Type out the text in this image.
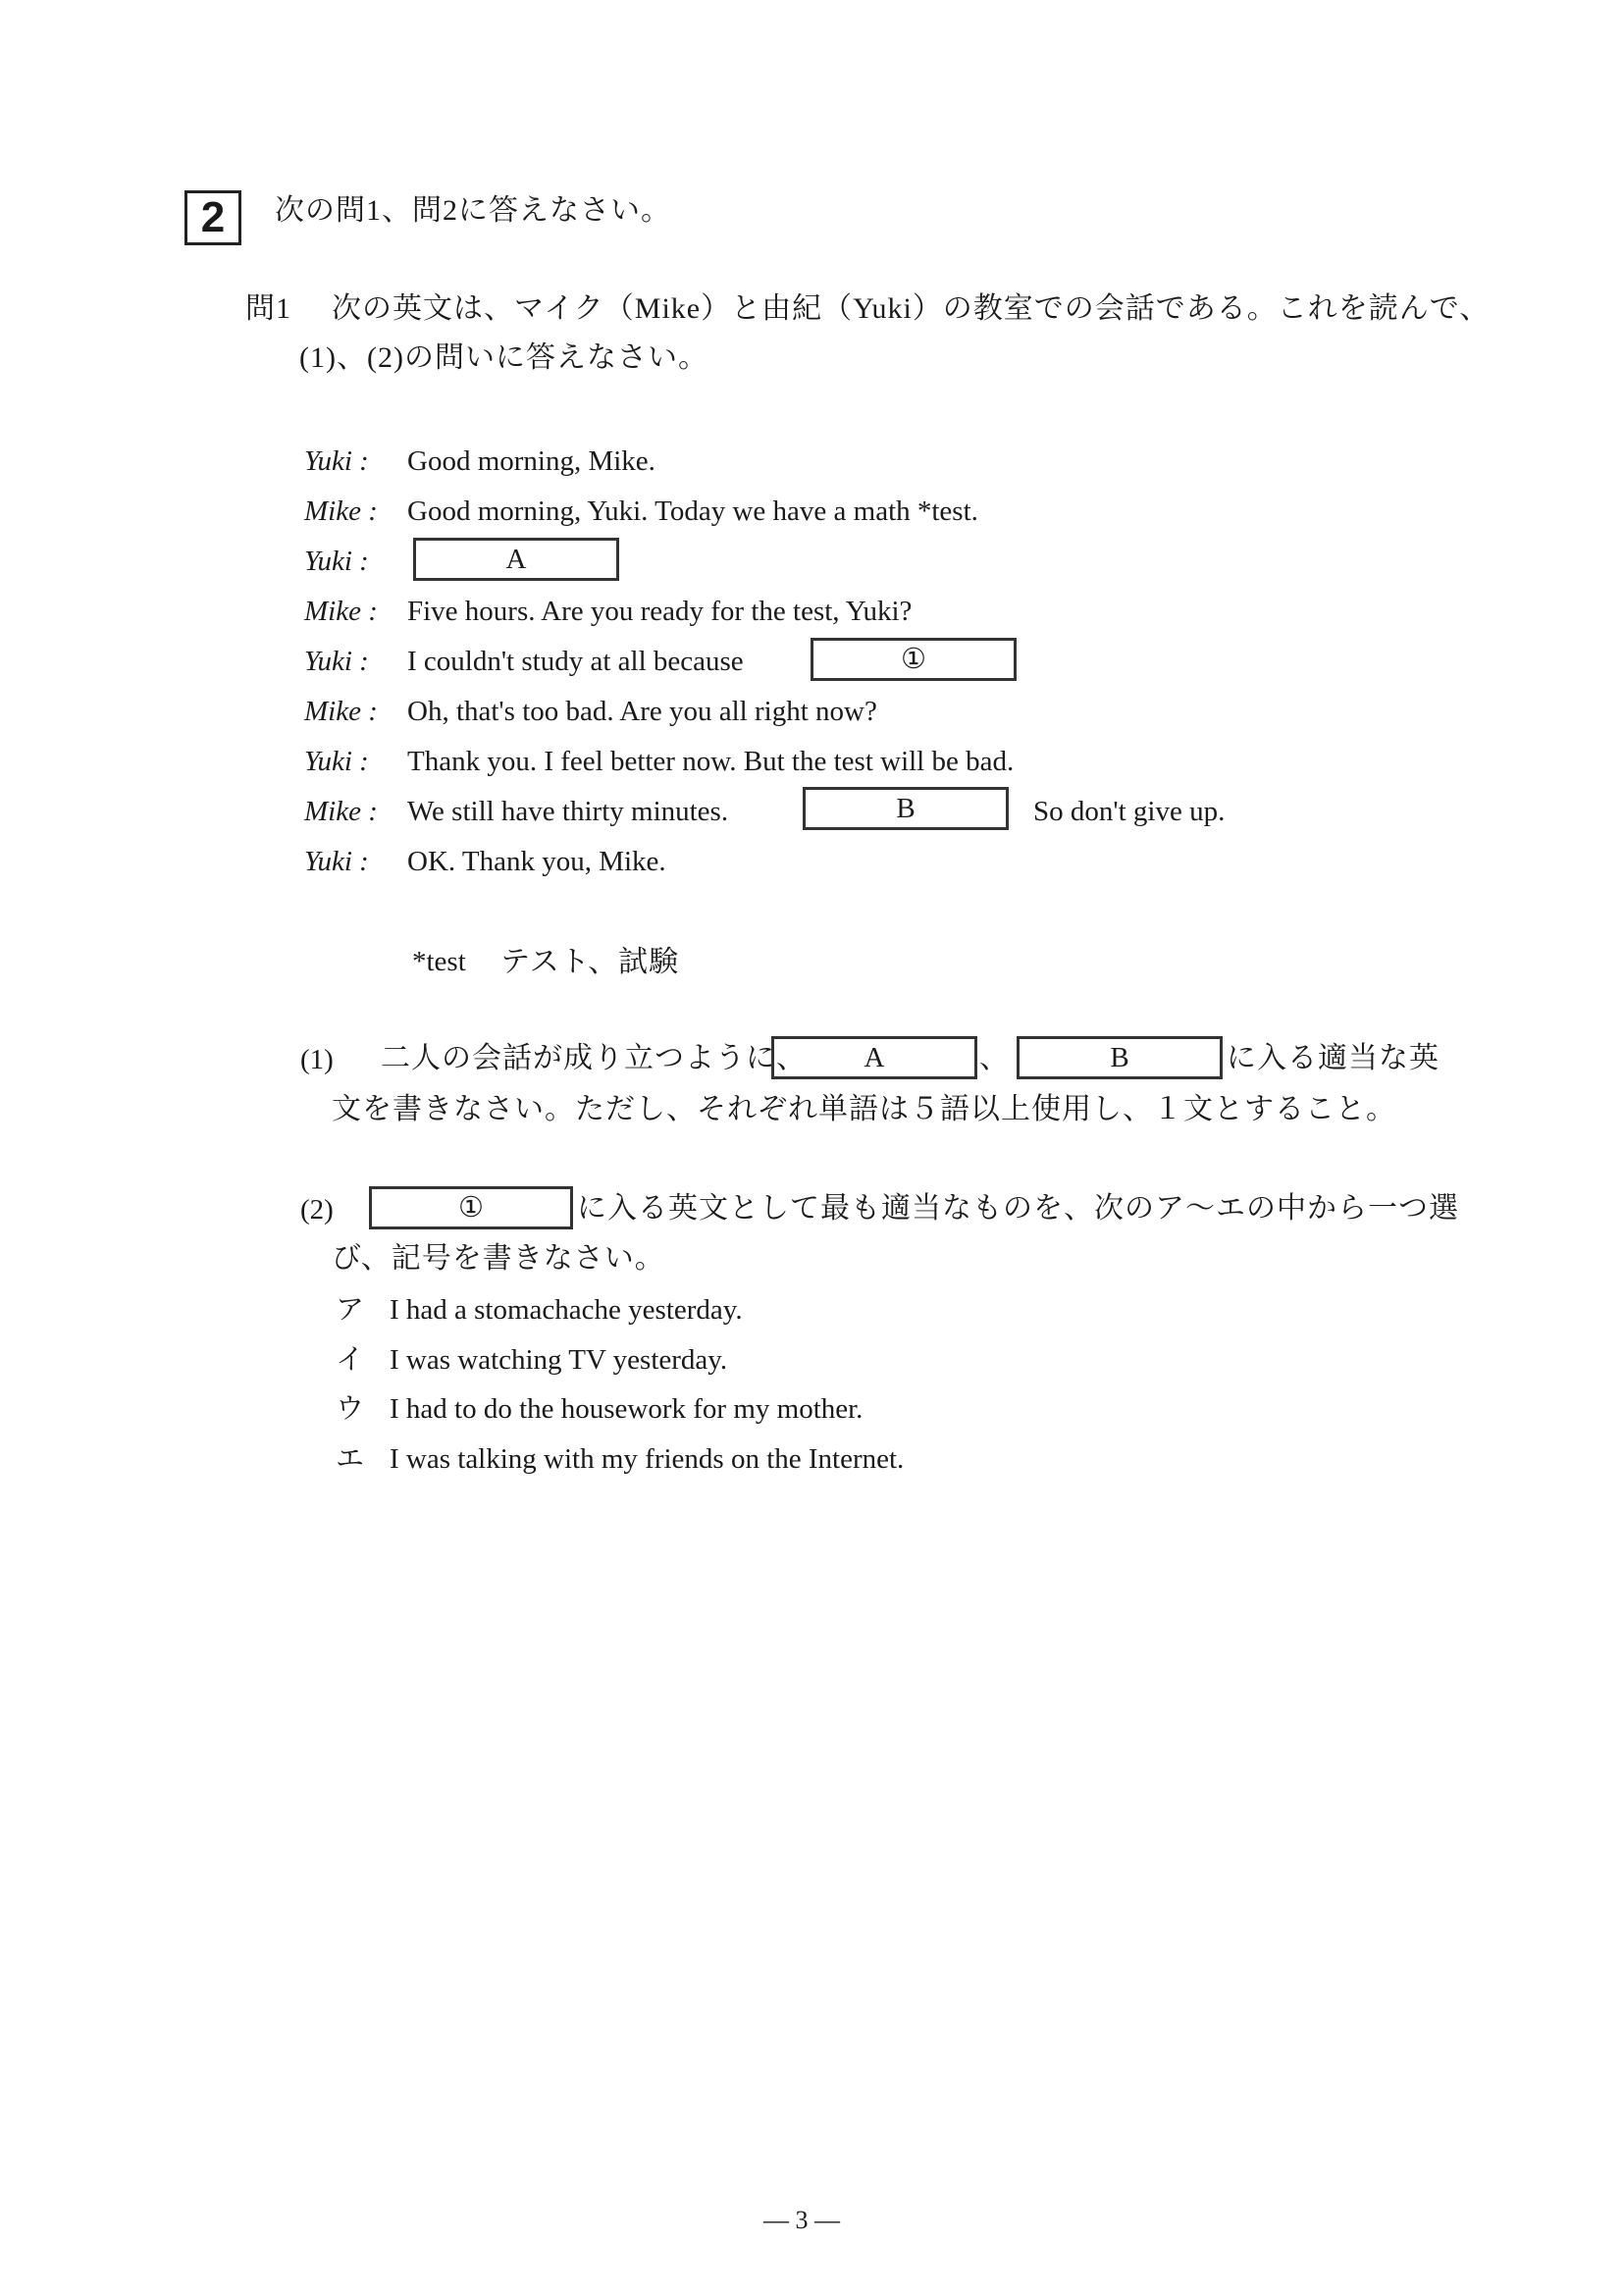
2	次の問1、問2に答えなさい。
問1 次の英文は、マイク（Mike）と由紀（Yuki）の教室での会話である。これを読んで、
(1)、(2)の問いに答えなさい。
Yuki :	Good morning, Mike.
Mike :	Good morning, Yuki. Today we have a math *test.
Yuki :	A
Mike :	Five hours. Are you ready for the test, Yuki?
Yuki :	I couldn't study at all because	①
Mike :	Oh, that's too bad. Are you all right now?
Yuki :	Thank you. I feel better now. But the test will be bad.
Mike :	We still have thirty minutes.	B	So don't give up.
Yuki :	OK. Thank you, Mike.
*test テスト、試験
(1) 二人の会話が成り立つように、	A	、	B	に入る適当な英
文を書きなさい。ただし、それぞれ単語は５語以上使用し、１文とすること。
(2)	①	に入る英文として最も適当なものを、次のア～エの中から一つ選
び、記号を書きなさい。
ア I had a stomachache yesterday.
イ I was watching TV yesterday.
ウ I had to do the housework for my mother.
エ I was talking with my friends on the Internet.
— 3 —
